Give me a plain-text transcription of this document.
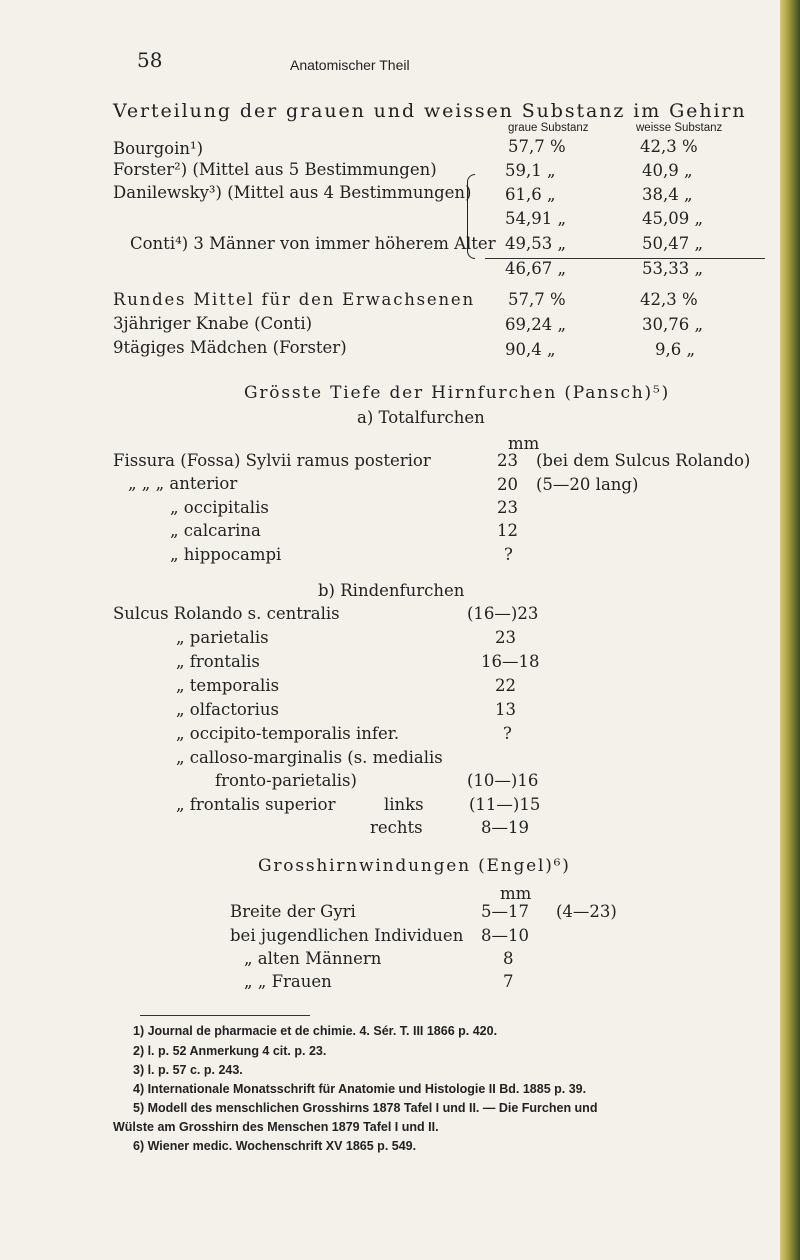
58	Anatomischer Theil
Verteilung der grauen und weissen Substanz im Gehirn
graue Substanz	weisse Substanz
Bourgoin¹)	57,7 %	42,3 %
Forster²) (Mittel aus 5 Bestimmungen)	59,1 „	40,9 „
Danilewsky³) (Mittel aus 4 Bestimmungen) 61,6 „	38,4 „
Conti⁴) 3 Männer von immer höherem Alter
54,91 „	45,09 „
49,53 „	50,47 „
46,67 „	53,33 „
Rundes Mittel für den Erwachsenen 57,7 %	42,3 %
3jähriger Knabe (Conti)	69,24 „	30,76 „
9tägiges Mädchen (Forster)	90,4 „	9,6 „
Grösste Tiefe der Hirnfurchen (Pansch)⁵)
a) Totalfurchen
mm
Fissura (Fossa) Sylvii ramus posterior	23 (bei dem Sulcus Rolando)
„ „ „ anterior	20 (5—20 lang)
„ occipitalis	23
„ calcarina	12
„ hippocampi	?
b) Rindenfurchen
Sulcus Rolando s. centralis	(16—)23
„ parietalis	23
„ frontalis	16—18
„ temporalis	22
„ olfactorius	13
„ occipito-temporalis infer.	?
„ calloso-marginalis (s. medialis
fronto-parietalis)	(10—)16
„ frontalis superior	links	(11—)15
rechts	8—19
Grosshirnwindungen (Engel)⁶)
mm
Breite der Gyri	5—17 (4—23)
bei jugendlichen Individuen 8—10
„ alten Männern	8
„ „ Frauen	7
1) Journal de pharmacie et de chimie. 4. Sér. T. III 1866 p. 420.
2) l. p. 52 Anmerkung 4 cit. p. 23.
3) l. p. 57 c. p. 243.
4) Internationale Monatsschrift für Anatomie und Histologie II Bd. 1885 p. 39.
5) Modell des menschlichen Grosshirns 1878 Tafel I und II. — Die Furchen und
Wülste am Grosshirn des Menschen 1879 Tafel I und II.
6) Wiener medic. Wochenschrift XV 1865 p. 549.
